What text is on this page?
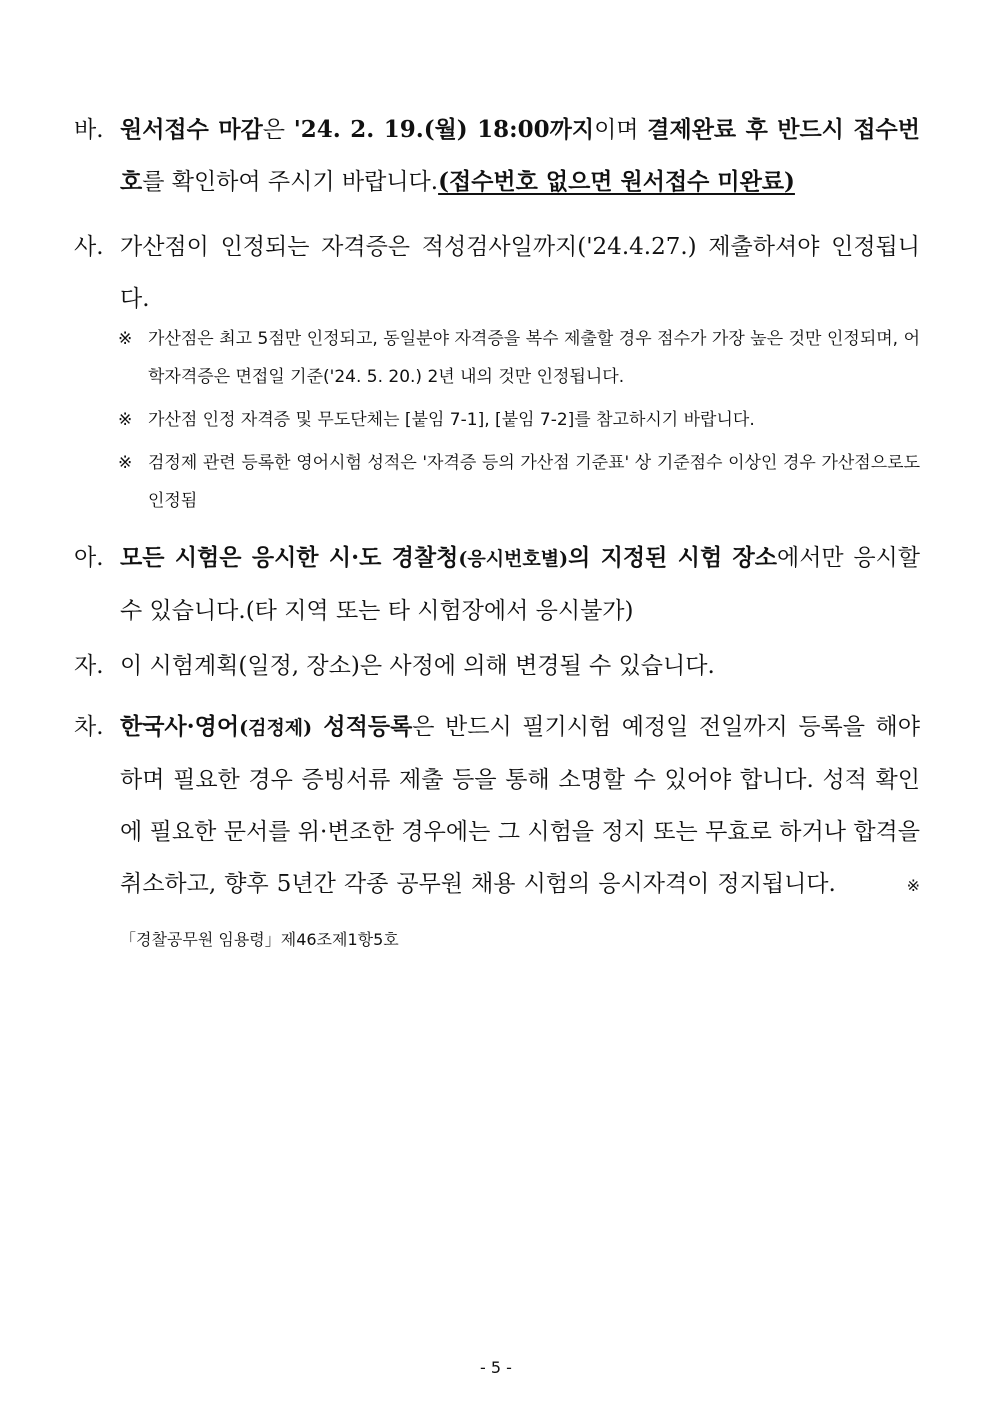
바. 원서접수 마감은 '24. 2. 19.(월) 18:00까지이며 결제완료 후 반드시 접수번호를 확인하여 주시기 바랍니다.(접수번호 없으면 원서접수 미완료)
사. 가산점이 인정되는 자격증은 적성검사일까지('24.4.27.) 제출하셔야 인정됩니다.
※ 가산점은 최고 5점만 인정되고, 동일분야 자격증을 복수 제출할 경우 점수가 가장 높은 것만 인정되며, 어학자격증은 면접일 기준('24. 5. 20.) 2년 내의 것만 인정됩니다.
※ 가산점 인정 자격증 및 무도단체는 [붙임 7-1], [붙임 7-2]를 참고하시기 바랍니다.
※ 검정제 관련 등록한 영어시험 성적은 '자격증 등의 가산점 기준표' 상 기준점수 이상인 경우 가산점으로도 인정됨
아. 모든 시험은 응시한 시·도 경찰청(응시번호별)의 지정된 시험 장소에서만 응시할 수 있습니다.(타 지역 또는 타 시험장에서 응시불가)
자. 이 시험계획(일정, 장소)은 사정에 의해 변경될 수 있습니다.
차. 한국사·영어(검정제) 성적등록은 반드시 필기시험 예정일 전일까지 등록을 해야 하며 필요한 경우 증빙서류 제출 등을 통해 소명할 수 있어야 합니다. 성적 확인에 필요한 문서를 위·변조한 경우에는 그 시험을 정지 또는 무효로 하거나 합격을 취소하고, 향후 5년간 각종 공무원 채용 시험의 응시자격이 정지됩니다.	※「경찰공무원 임용령」제46조제1항5호
- 5 -
